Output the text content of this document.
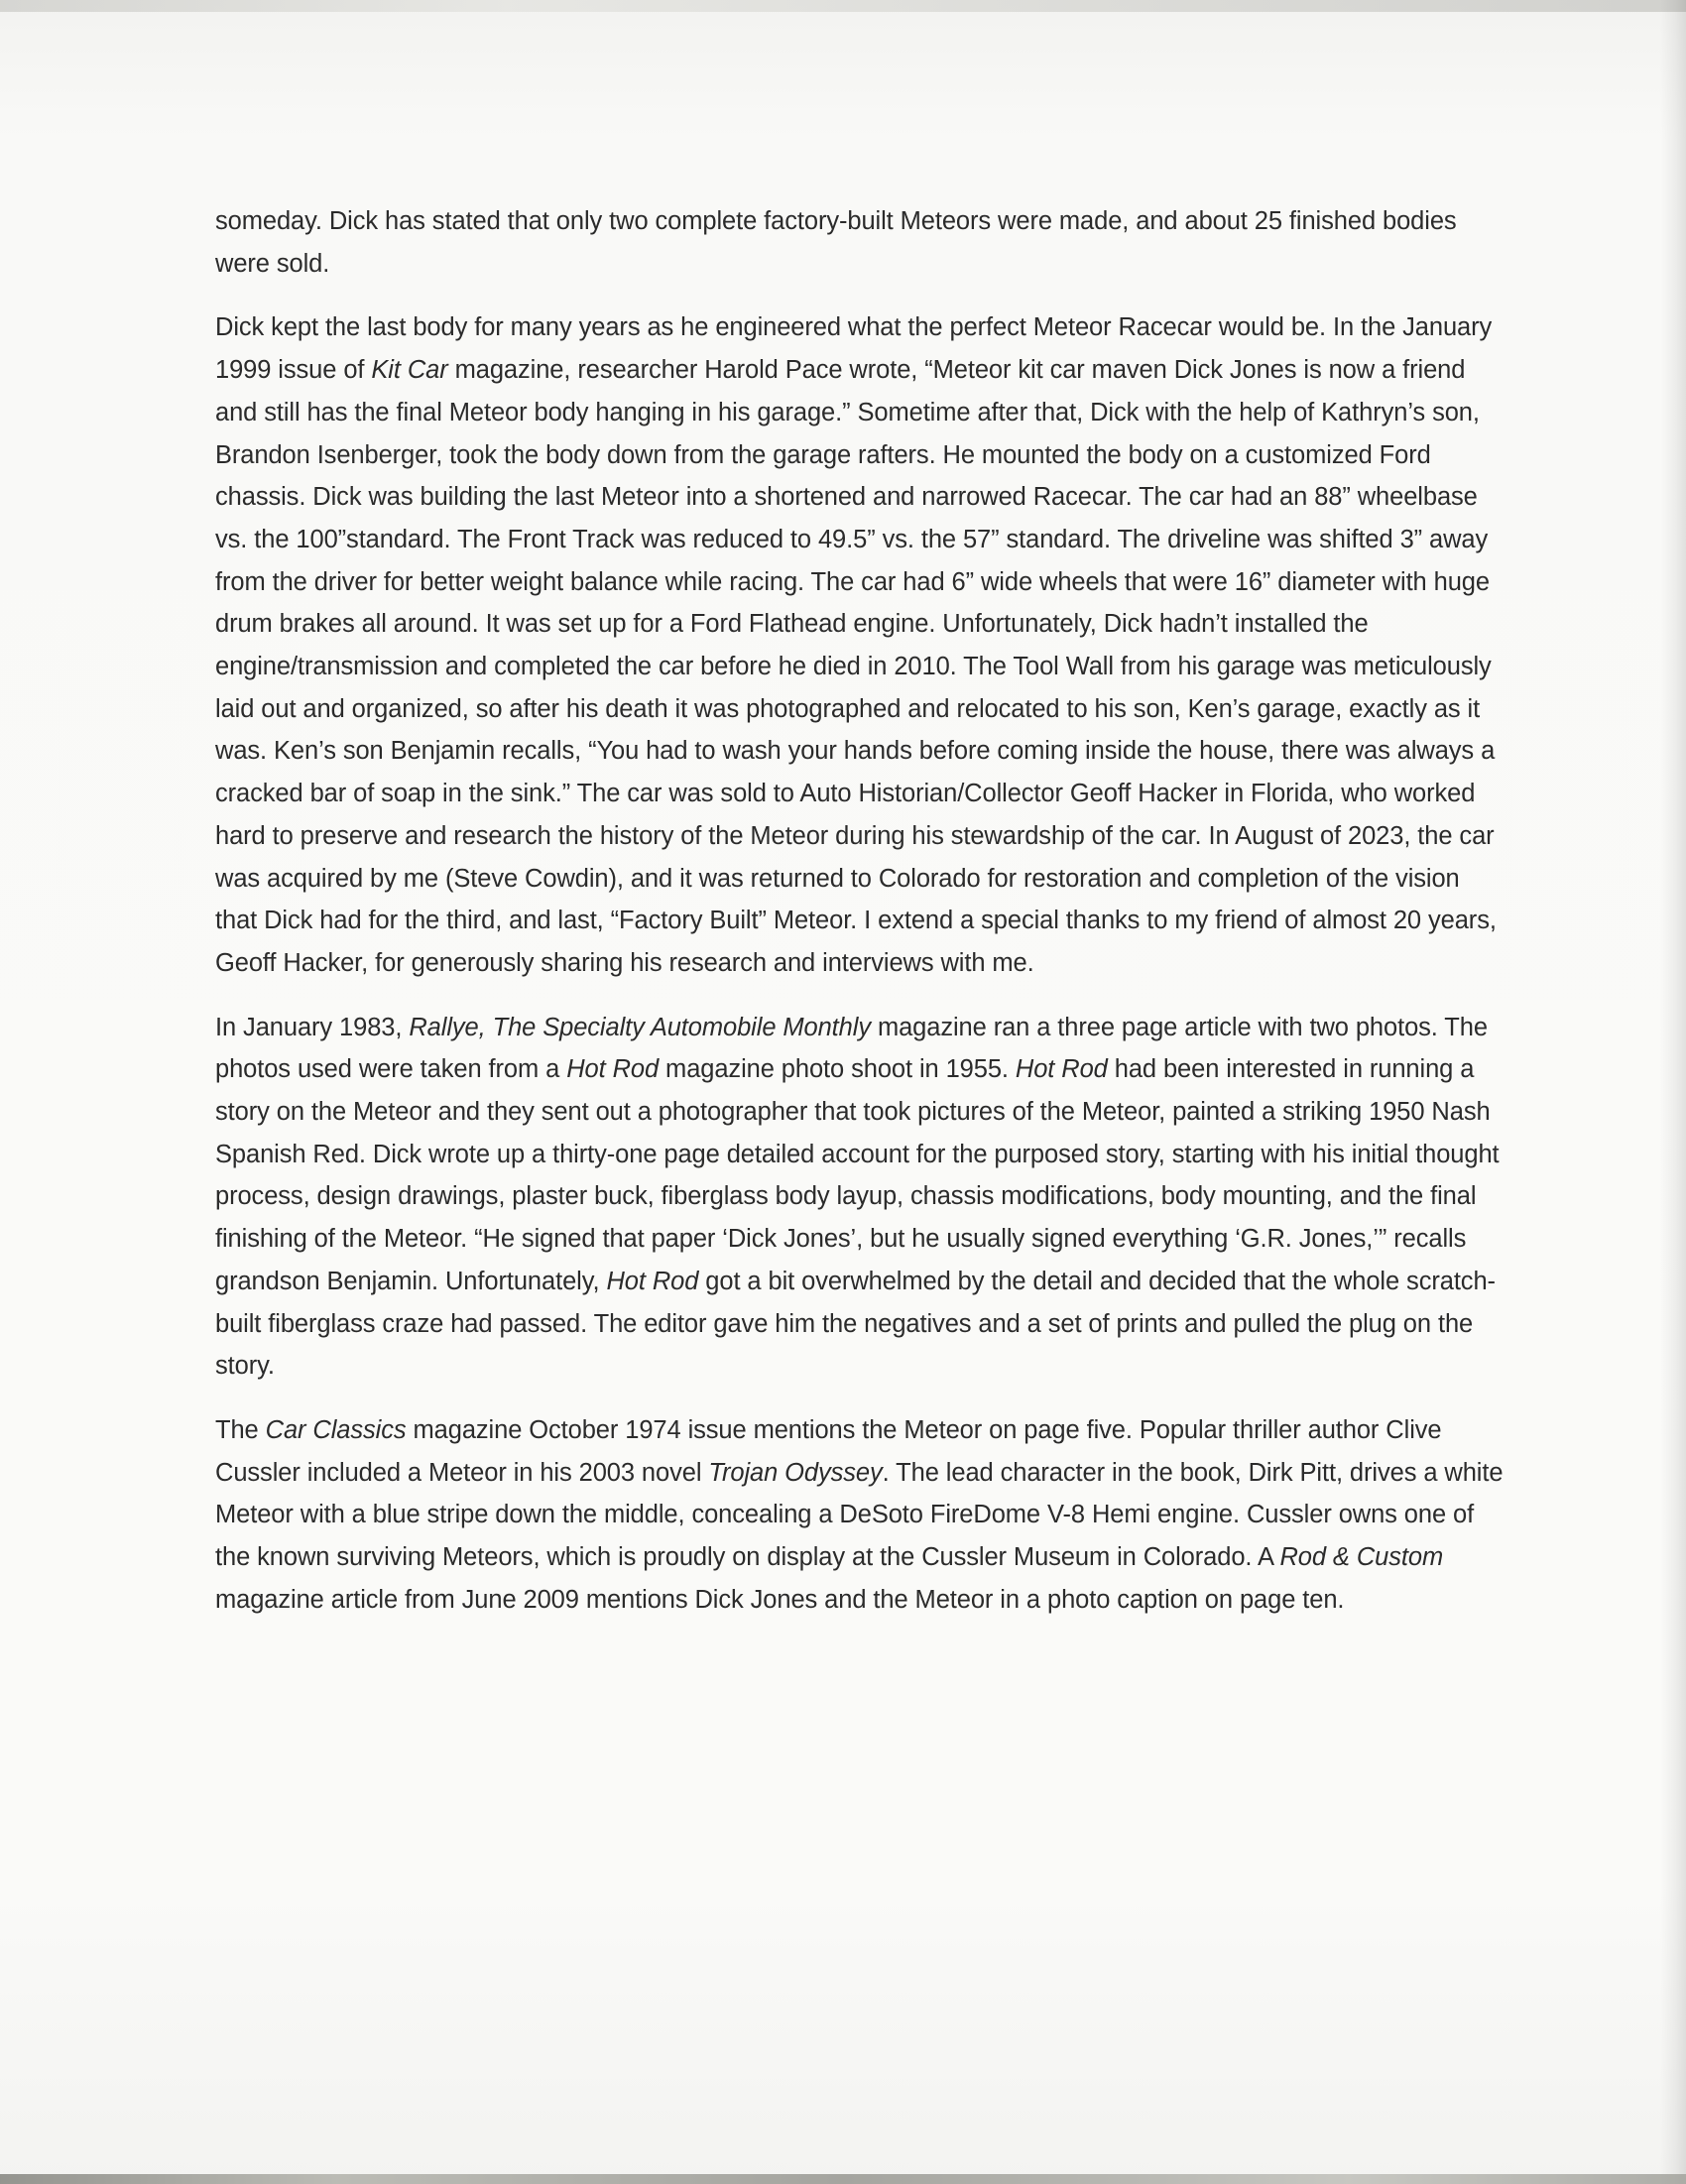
someday. Dick has stated that only two complete factory-built Meteors were made, and about 25 finished bodies were sold.

Dick kept the last body for many years as he engineered what the perfect Meteor Racecar would be. In the January 1999 issue of Kit Car magazine, researcher Harold Pace wrote, “Meteor kit car maven Dick Jones is now a friend and still has the final Meteor body hanging in his garage.” Sometime after that, Dick with the help of Kathryn’s son, Brandon Isenberger, took the body down from the garage rafters. He mounted the body on a customized Ford chassis. Dick was building the last Meteor into a shortened and narrowed Racecar. The car had an 88” wheelbase vs. the 100”standard. The Front Track was reduced to 49.5” vs. the 57” standard. The driveline was shifted 3” away from the driver for better weight balance while racing. The car had 6” wide wheels that were 16” diameter with huge drum brakes all around. It was set up for a Ford Flathead engine. Unfortunately, Dick hadn’t installed the engine/transmission and completed the car before he died in 2010. The Tool Wall from his garage was meticulously laid out and organized, so after his death it was photographed and relocated to his son, Ken’s garage, exactly as it was. Ken’s son Benjamin recalls, “You had to wash your hands before coming inside the house, there was always a cracked bar of soap in the sink.” The car was sold to Auto Historian/Collector Geoff Hacker in Florida, who worked hard to preserve and research the history of the Meteor during his stewardship of the car. In August of 2023, the car was acquired by me (Steve Cowdin), and it was returned to Colorado for restoration and completion of the vision that Dick had for the third, and last, “Factory Built” Meteor. I extend a special thanks to my friend of almost 20 years, Geoff Hacker, for generously sharing his research and interviews with me.

In January 1983, Rallye, The Specialty Automobile Monthly magazine ran a three page article with two photos. The photos used were taken from a Hot Rod magazine photo shoot in 1955. Hot Rod had been interested in running a story on the Meteor and they sent out a photographer that took pictures of the Meteor, painted a striking 1950 Nash Spanish Red. Dick wrote up a thirty-one page detailed account for the purposed story, starting with his initial thought process, design drawings, plaster buck, fiberglass body layup, chassis modifications, body mounting, and the final finishing of the Meteor. “He signed that paper ‘Dick Jones’, but he usually signed everything ‘G.R. Jones,’” recalls grandson Benjamin. Unfortunately, Hot Rod got a bit overwhelmed by the detail and decided that the whole scratch-built fiberglass craze had passed. The editor gave him the negatives and a set of prints and pulled the plug on the story.

The Car Classics magazine October 1974 issue mentions the Meteor on page five. Popular thriller author Clive Cussler included a Meteor in his 2003 novel Trojan Odyssey. The lead character in the book, Dirk Pitt, drives a white Meteor with a blue stripe down the middle, concealing a DeSoto FireDome V-8 Hemi engine. Cussler owns one of the known surviving Meteors, which is proudly on display at the Cussler Museum in Colorado. A Rod & Custom magazine article from June 2009 mentions Dick Jones and the Meteor in a photo caption on page ten.
